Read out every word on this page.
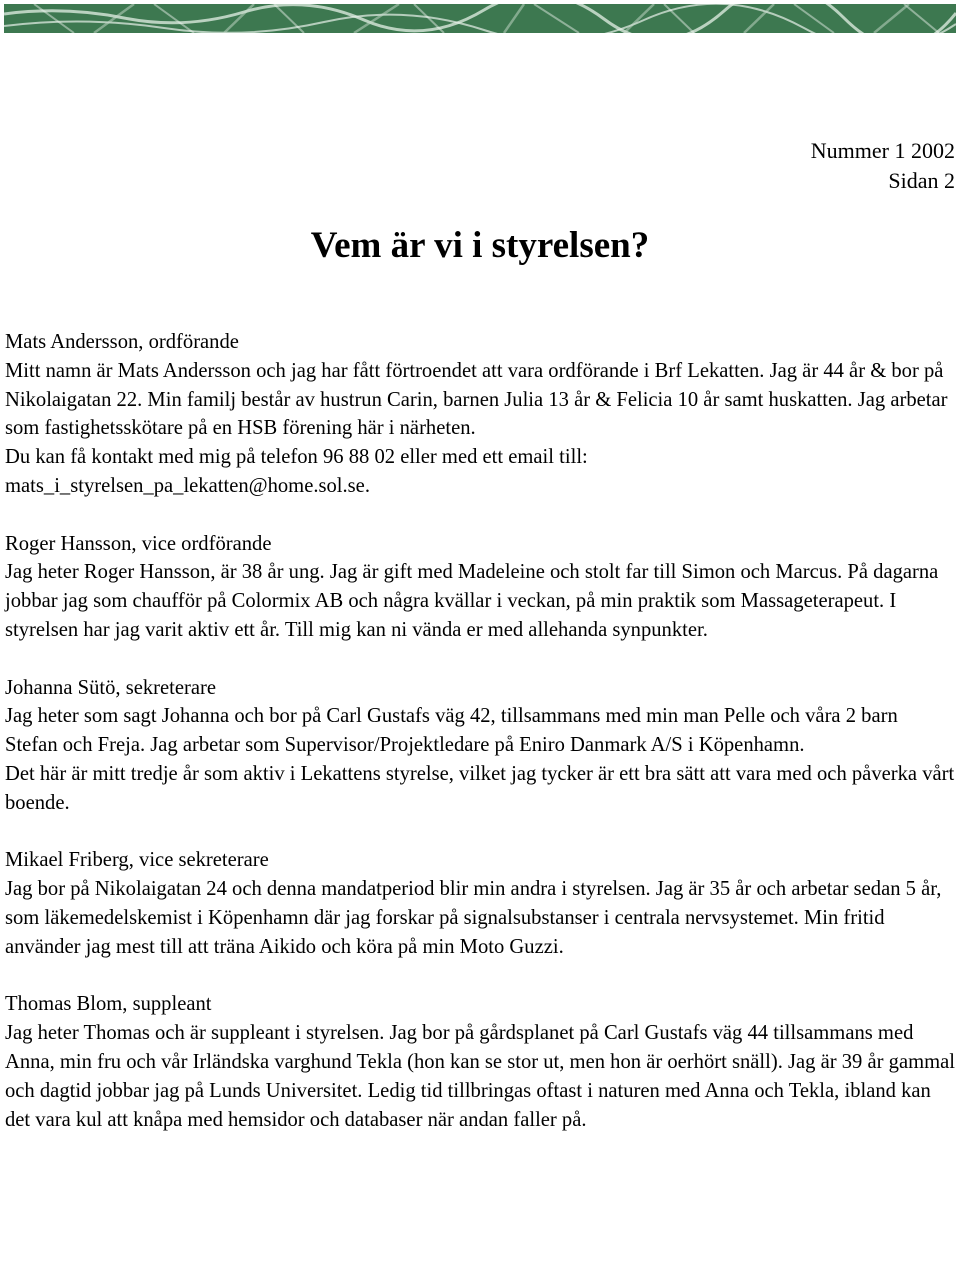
Nummer 1 2002
Sidan 2
Vem är vi i styrelsen?

Mats Andersson, ordförande

Mitt namn är Mats Andersson och jag har fått förtroendet att vara ordförande i Brf Lekatten. Jag är 44 år & bor på Nikolaigatan 22. Min familj består av hustrun Carin, barnen Julia 13 år & Felicia 10 år samt huskatten. Jag arbetar som fastighetsskötare på en HSB förening här i närheten.

Du kan få kontakt med mig på telefon 96 88 02 eller med ett email till: mats_i_styrelsen_pa_lekatten@home.sol.se.

Roger Hansson, vice ordförande

Jag heter Roger Hansson, är 38 år ung. Jag är gift med Madeleine och stolt far till Simon och Marcus. På dagarna jobbar jag som chaufför på Colormix AB och några kvällar i veckan, på min praktik som Massageterapeut. I styrelsen har jag varit aktiv ett år. Till mig kan ni vända er med allehanda synpunkter.

Johanna Sütö, sekreterare

Jag heter som sagt Johanna och bor på Carl Gustafs väg 42, tillsammans med min man Pelle och våra 2 barn Stefan och Freja. Jag arbetar som Supervisor/Projektledare på Eniro Danmark A/S i Köpenhamn.

Det här är mitt tredje år som aktiv i Lekattens styrelse, vilket jag tycker är ett bra sätt att vara med och påverka vårt boende.

Mikael Friberg, vice sekreterare

Jag bor på Nikolaigatan 24 och denna mandatperiod blir min andra i styrelsen. Jag är 35 år och arbetar sedan 5 år, som läkemedelskemist i Köpenhamn där jag forskar på signalsubstanser i centrala nervsystemet. Min fritid använder jag mest till att träna Aikido och köra på min Moto Guzzi.

Thomas Blom, suppleant

Jag heter Thomas och är suppleant i styrelsen. Jag bor på gårdsplanet på Carl Gustafs väg 44 tillsammans med Anna, min fru och vår Irländska varghund Tekla (hon kan se stor ut, men hon är oerhört snäll). Jag är 39 år gammal och dagtid jobbar jag på Lunds Universitet. Ledig tid tillbringas oftast i naturen med Anna och Tekla, ibland kan det vara kul att knåpa med hemsidor och databaser när andan faller på.
